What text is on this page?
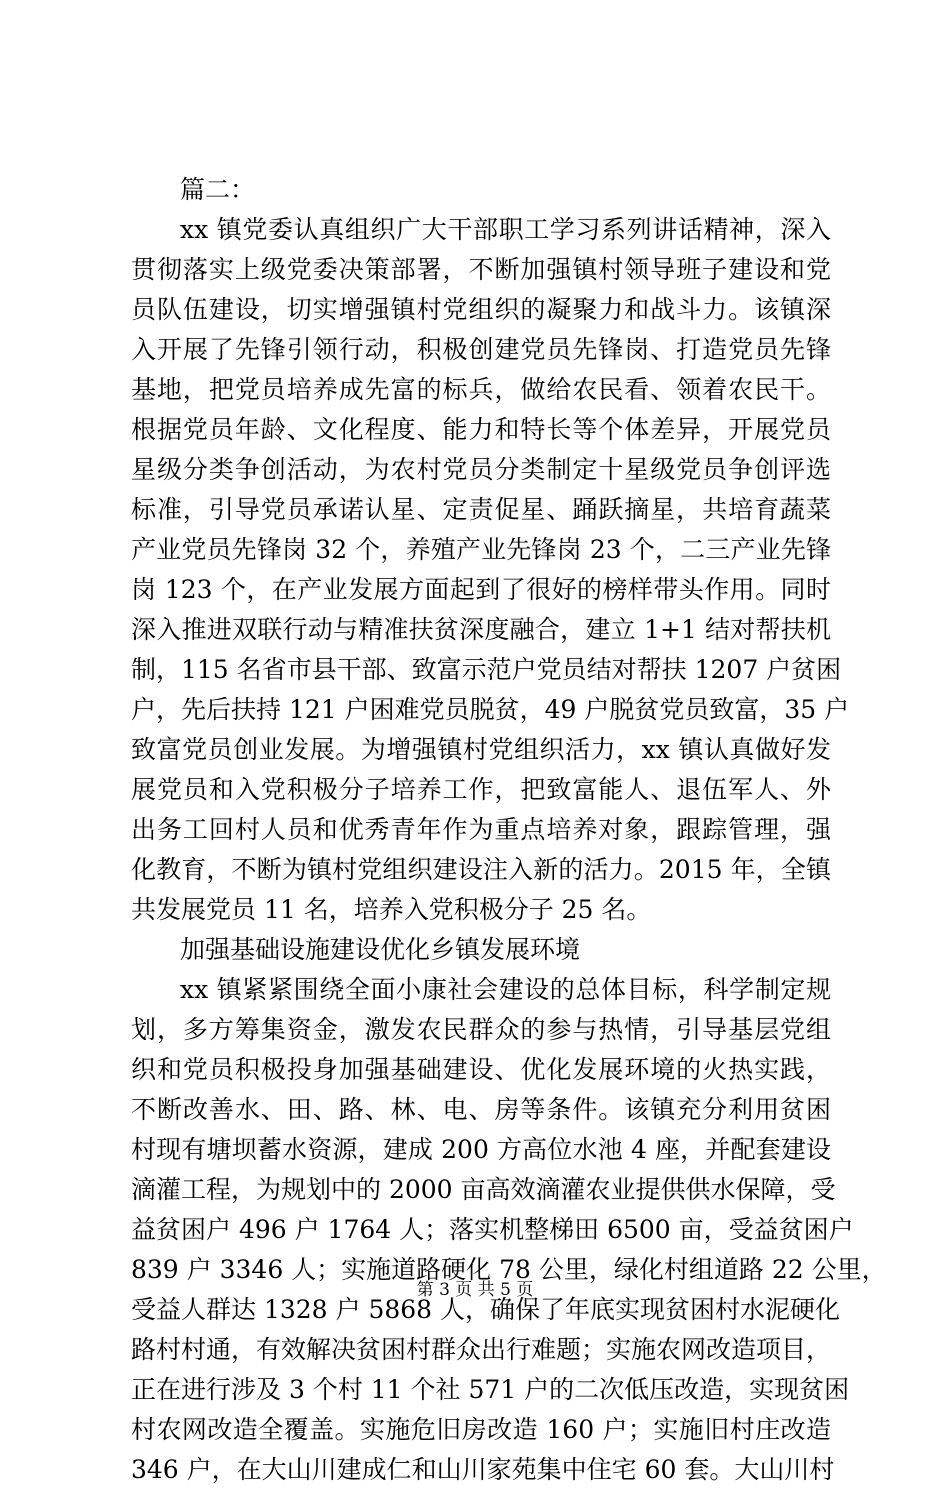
篇二：

xx 镇党委认真组织广大干部职工学习系列讲话精神，深入
贯彻落实上级党委决策部署，不断加强镇村领导班子建设和党
员队伍建设，切实增强镇村党组织的凝聚力和战斗力。该镇深
入开展了先锋引领行动，积极创建党员先锋岗、打造党员先锋
基地，把党员培养成先富的标兵，做给农民看、领着农民干。
根据党员年龄、文化程度、能力和特长等个体差异，开展党员
星级分类争创活动，为农村党员分类制定十星级党员争创评选
标准，引导党员承诺认星、定责促星、踊跃摘星，共培育蔬菜
产业党员先锋岗 32 个，养殖产业先锋岗 23 个，二三产业先锋
岗 123 个，在产业发展方面起到了很好的榜样带头作用。同时
深入推进双联行动与精准扶贫深度融合，建立 1+1 结对帮扶机
制，115 名省市县干部、致富示范户党员结对帮扶 1207 户贫困
户，先后扶持 121 户困难党员脱贫，49 户脱贫党员致富，35 户
致富党员创业发展。为增强镇村党组织活力，xx 镇认真做好发
展党员和入党积极分子培养工作，把致富能人、退伍军人、外
出务工回村人员和优秀青年作为重点培养对象，跟踪管理，强
化教育，不断为镇村党组织建设注入新的活力。2015 年，全镇
共发展党员 11 名，培养入党积极分子 25 名。

加强基础设施建设优化乡镇发展环境

xx 镇紧紧围绕全面小康社会建设的总体目标，科学制定规
划，多方筹集资金，激发农民群众的参与热情，引导基层党组
织和党员积极投身加强基础建设、优化发展环境的火热实践，
不断改善水、田、路、林、电、房等条件。该镇充分利用贫困
村现有塘坝蓄水资源，建成 200 方高位水池 4 座，并配套建设
滴灌工程，为规划中的 2000 亩高效滴灌农业提供供水保障，受
益贫困户 496 户 1764 人；落实机整梯田 6500 亩，受益贫困户
839 户 3346 人；实施道路硬化 78 公里，绿化村组道路 22 公里，
受益人群达 1328 户 5868 人，确保了年底实现贫困村水泥硬化
路村村通，有效解决贫困村群众出行难题；实施农网改造项目，
正在进行涉及 3 个村 11 个社 571 户的二次低压改造，实现贫困
村农网改造全覆盖。实施危旧房改造 160 户；实施旧村庄改造
346 户，在大山川建成仁和山川家苑集中住宅 60 套。大山川村
第 3 页 共 5 页
